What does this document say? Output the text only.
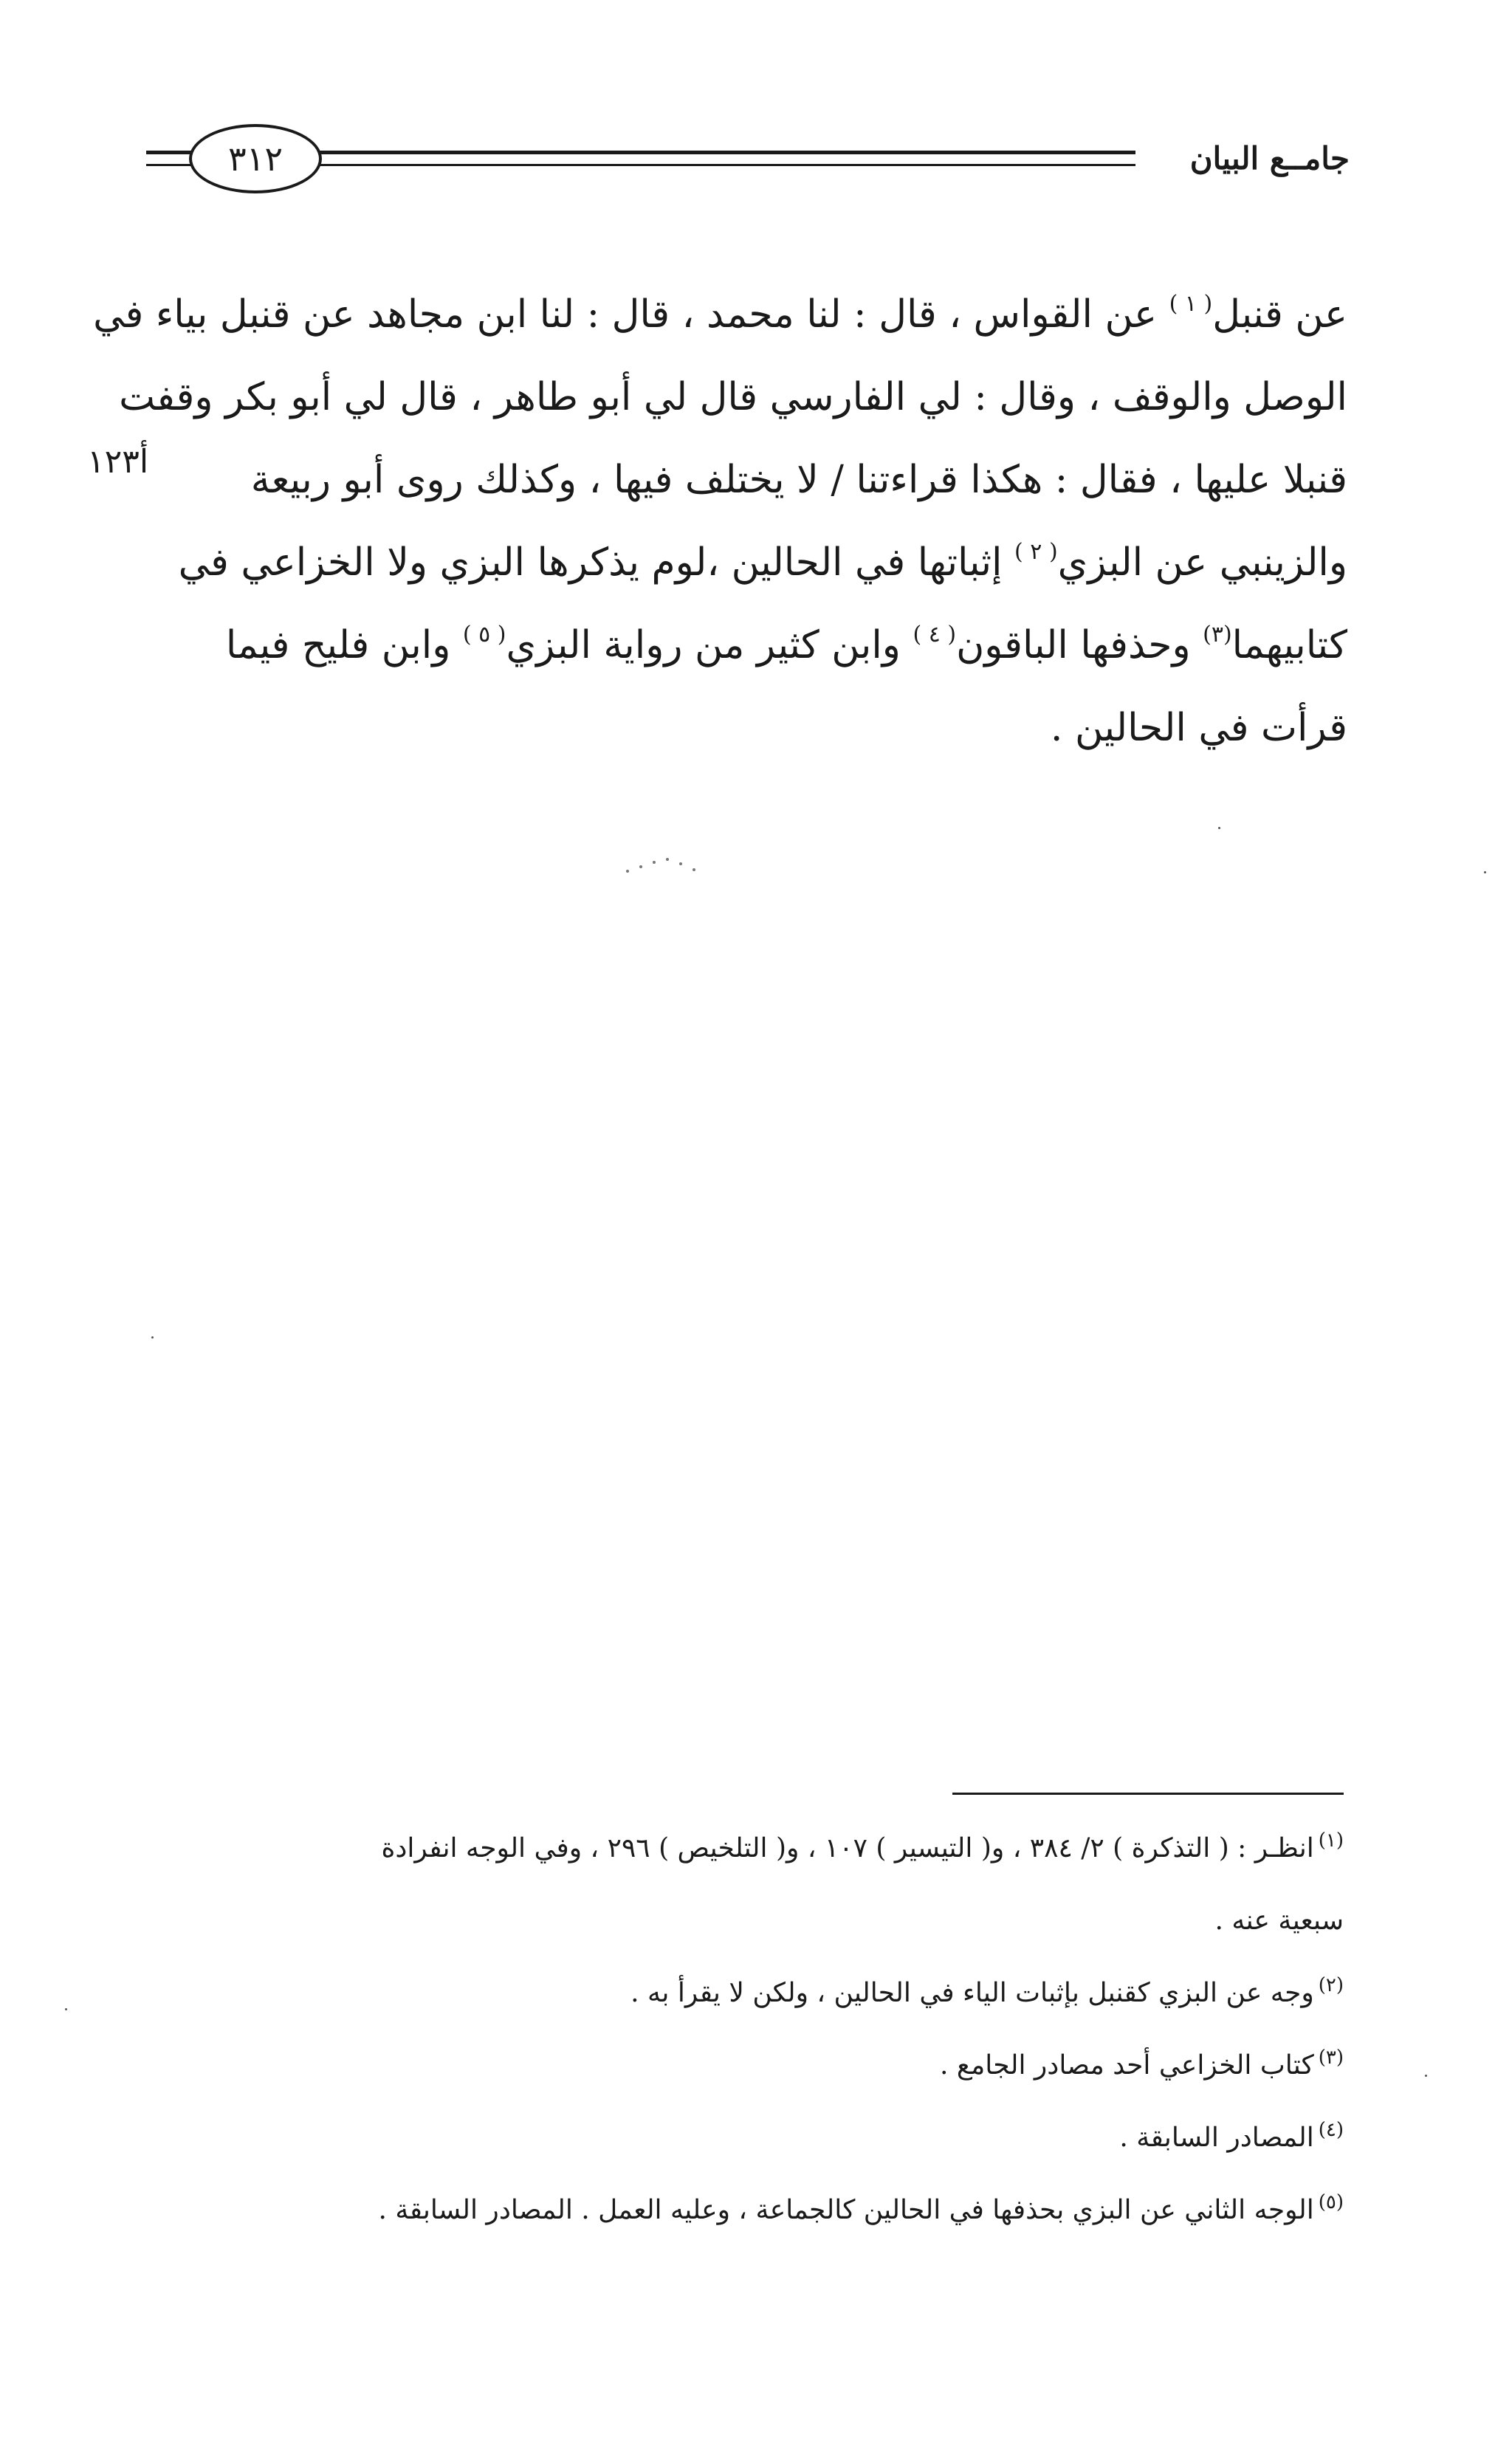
٣١٢	جامــع البيان
أ١٢٣
عن قنبل$^{( ١ )}$ عن القواس ، قال : لنا محمد ، قال : لنا ابن مجاهد عن قنبل بياء في
الوصل والوقف ، وقال : لي الفارسي قال لي أبو طاهر ، قال لي أبو بكر وقفت
قنبلا عليها ، فقال : هكذا قراءتنا / لا يختلف فيها ، وكذلك روى أبو ربيعة
والزينبي عن البزي$^{( ٢ )}$ إثباتها في الحالين ،لوم يذكرها البزي ولا الخزاعي في
كتابيهما$^{(٣)}$ وحذفها الباقون$^{( ٤ )}$ وابن كثير من رواية البزي$^{( ٥ )}$ وابن فليح فيما
قرأت في الحالين .
$^{(١)}$انظـر : ( التذكرة ) ٢/ ٣٨٤ ، و( التيسير ) ١٠٧ ، و( التلخيص ) ٢٩٦ ، وفي الوجه انفرادة
سبعية عنه .
$^{(٢)}$وجه عن البزي كقنبل بإثبات الياء في الحالين ، ولكن لا يقرأ به .
$^{(٣)}$كتاب الخزاعي أحد مصادر الجامع .
$^{(٤)}$المصادر السابقة .
$^{(٥)}$الوجه الثاني عن البزي بحذفها في الحالين كالجماعة ، وعليه العمل . المصادر السابقة .
